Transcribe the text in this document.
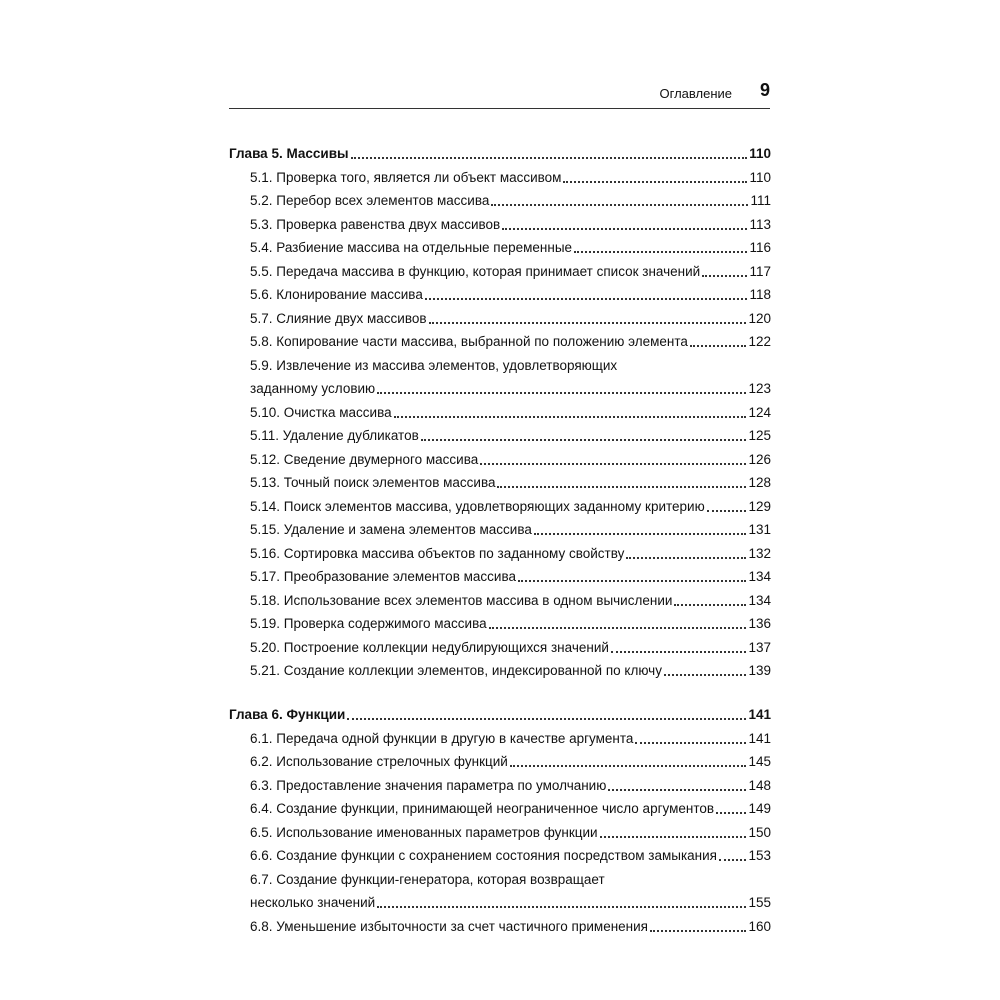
Оглавление 9
Глава 5. Массивы	110
5.1. Проверка того, является ли объект массивом	110
5.2. Перебор всех элементов массива	111
5.3. Проверка равенства двух массивов	113
5.4. Разбиение массива на отдельные переменные	116
5.5. Передача массива в функцию, которая принимает список значений	117
5.6. Клонирование массива	118
5.7. Слияние двух массивов	120
5.8. Копирование части массива, выбранной по положению элемента	122
5.9. Извлечение из массива элементов, удовлетворяющих
заданному условию	123
5.10. Очистка массива	124
5.11. Удаление дубликатов	125
5.12. Сведение двумерного массива	126
5.13. Точный поиск элементов массива	128
5.14. Поиск элементов массива, удовлетворяющих заданному критерию	129
5.15. Удаление и замена элементов массива	131
5.16. Сортировка массива объектов по заданному свойству	132
5.17. Преобразование элементов массива	134
5.18. Использование всех элементов массива в одном вычислении	134
5.19. Проверка содержимого массива	136
5.20. Построение коллекции недублирующихся значений	137
5.21. Создание коллекции элементов, индексированной по ключу	139
Глава 6. Функции	141
6.1. Передача одной функции в другую в качестве аргумента	141
6.2. Использование стрелочных функций	145
6.3. Предоставление значения параметра по умолчанию	148
6.4. Создание функции, принимающей неограниченное число аргументов	149
6.5. Использование именованных параметров функции	150
6.6. Создание функции с сохранением состояния посредством замыкания 153
6.7. Создание функции-генератора, которая возвращает
несколько значений	155
6.8. Уменьшение избыточности за счет частичного применения	160
